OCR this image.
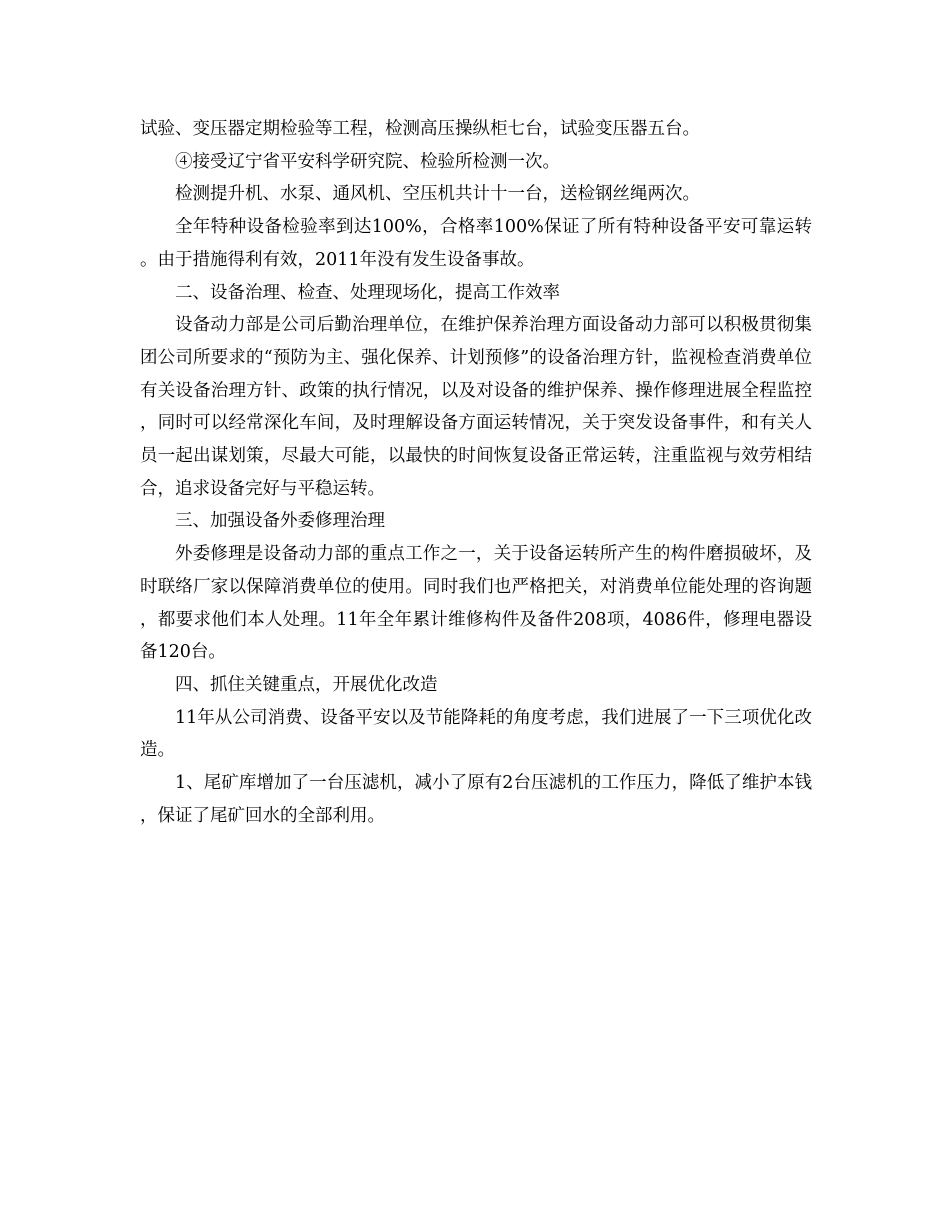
试验、变压器定期检验等工程，检测高压操纵柜七台，试验变压器五台。

④接受辽宁省平安科学研究院、检验所检测一次。

检测提升机、水泵、通风机、空压机共计十一台，送检钢丝绳两次。

全年特种设备检验率到达100%，合格率100%保证了所有特种设备平安可靠运转。由于措施得利有效，2011年没有发生设备事故。

二、设备治理、检查、处理现场化，提高工作效率

设备动力部是公司后勤治理单位，在维护保养治理方面设备动力部可以积极贯彻集团公司所要求的“预防为主、强化保养、计划预修”的设备治理方针，监视检查消费单位有关设备治理方针、政策的执行情况，以及对设备的维护保养、操作修理进展全程监控，同时可以经常深化车间，及时理解设备方面运转情况，关于突发设备事件，和有关人员一起出谋划策，尽最大可能，以最快的时间恢复设备正常运转，注重监视与效劳相结合，追求设备完好与平稳运转。

三、加强设备外委修理治理

外委修理是设备动力部的重点工作之一，关于设备运转所产生的构件磨损破坏，及时联络厂家以保障消费单位的使用。同时我们也严格把关，对消费单位能处理的咨询题，都要求他们本人处理。11年全年累计维修构件及备件208项，4086件，修理电器设备120台。

四、抓住关键重点，开展优化改造

11年从公司消费、设备平安以及节能降耗的角度考虑，我们进展了一下三项优化改造。

1、尾矿库增加了一台压滤机，减小了原有2台压滤机的工作压力，降低了维护本钱，保证了尾矿回水的全部利用。
